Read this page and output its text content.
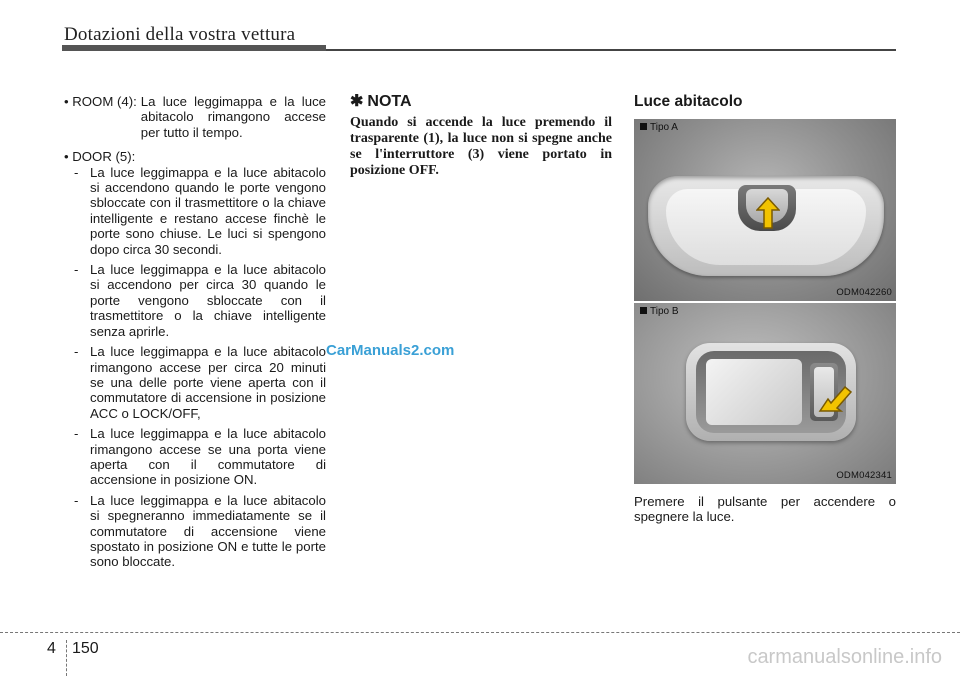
Dotazioni della vostra vettura

• ROOM (4): La luce leggimappa e la luce abitacolo rimangono accese per tutto il tempo.

• DOOR (5):

- La luce leggimappa e la luce abitacolo si accendono quando le porte vengono sbloccate con il trasmettitore o la chiave intelligente e restano accese finchè le porte sono chiuse. Le luci si spengono dopo circa 30 secondi.
- La luce leggimappa e la luce abitacolo si accendono per circa 30 quando le porte vengono sbloccate con il trasmettitore o la chiave intelligente senza aprirle.
- La luce leggimappa e la luce abitacolo rimangono accese per circa 20 minuti se una delle porte viene aperta con il commutatore di accensione in posizione ACC o LOCK/OFF,
- La luce leggimappa e la luce abitacolo rimangono accese se una porta viene aperta con il commutatore di accensione in posizione ON.
- La luce leggimappa e la luce abitacolo si spegneranno immediatamente se il commutatore di accensione viene spostato in posizione ON e tutte le porte sono bloccate.
✱ NOTA

Quando si accende la luce premendo il trasparente (1), la luce non si spegne anche se l'interruttore (3) viene portato in posizione OFF.

Luce abitacolo
Tipo A
ODM042260
Tipo B
ODM042341
Premere il pulsante per accendere o spegnere la luce.
CarManuals2.com
4 150	carmanualsonline.info
